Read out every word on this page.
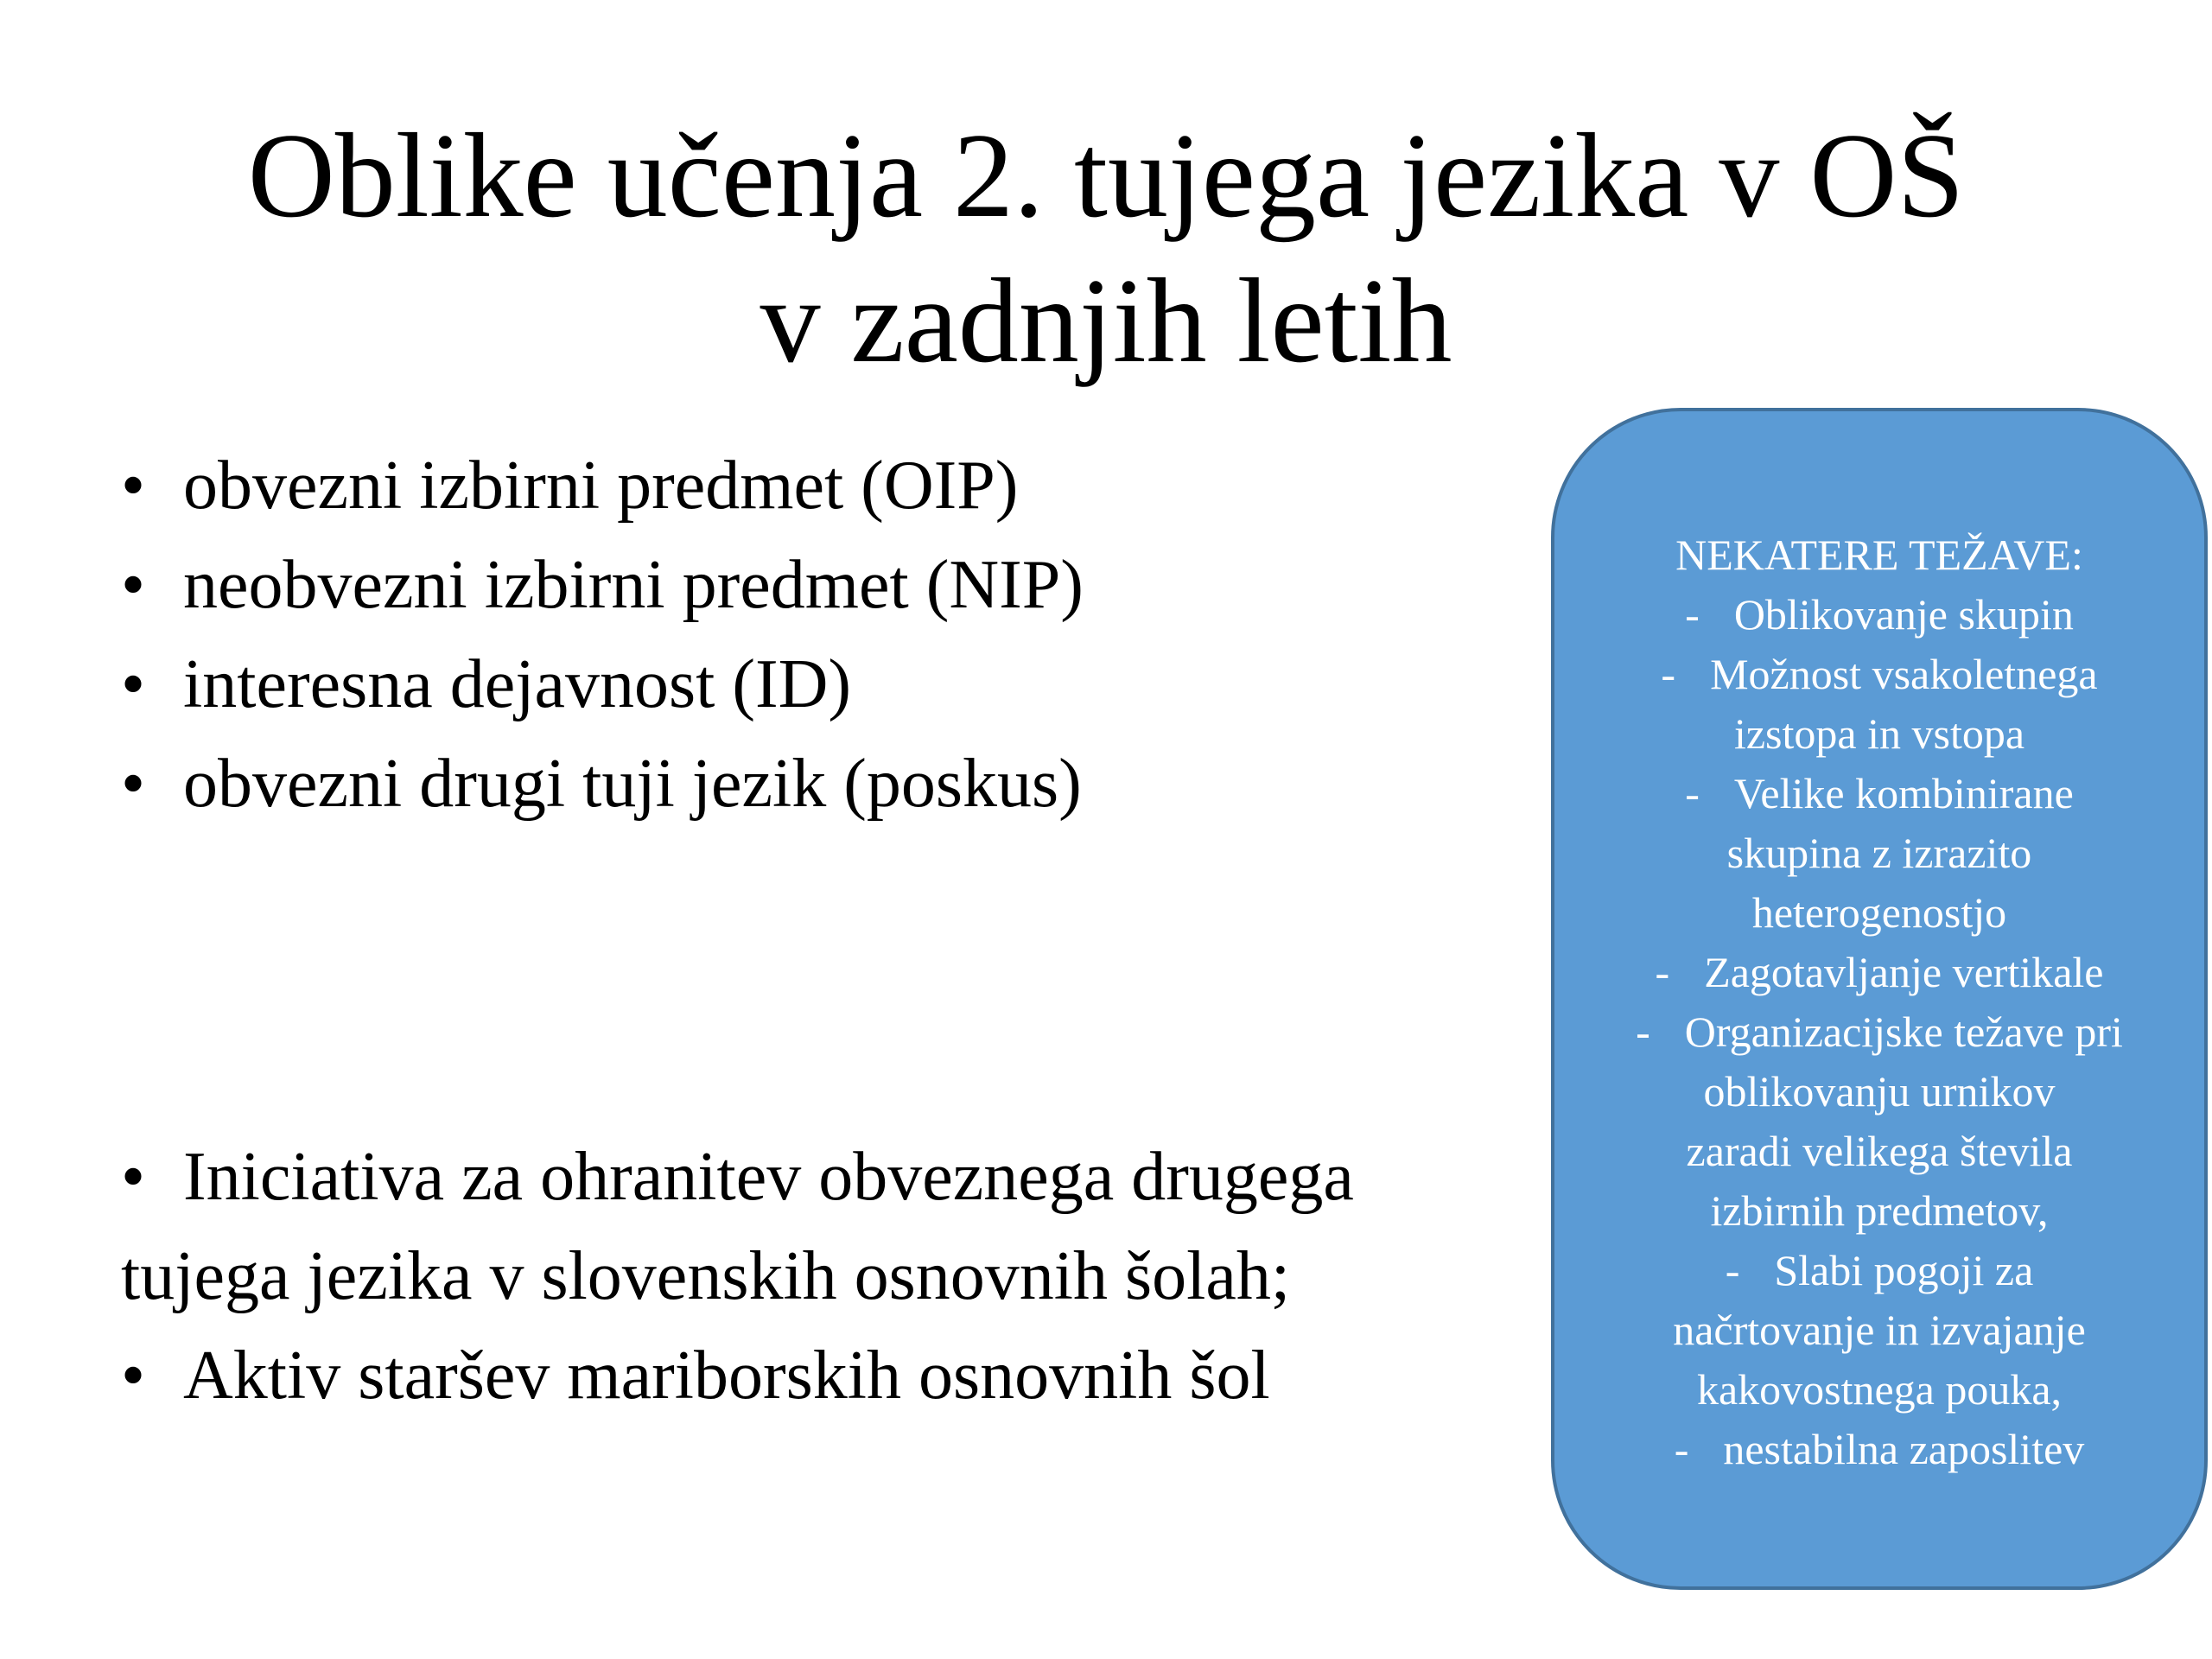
Oblike učenja 2. tujega jezika v OŠ
v zadnjih letih
• obvezni izbirni predmet (OIP)
• neobvezni izbirni predmet (NIP)
• interesna dejavnost (ID)
• obvezni drugi tuji jezik (poskus)
• Iniciativa za ohranitev obveznega drugega
tujega jezika v slovenskih osnovnih šolah;
• Aktiv staršev mariborskih osnovnih šol
NEKATERE TEŽAVE:
- Oblikovanje skupin
- Možnost vsakoletnega
izstopa in vstopa
- Velike kombinirane
skupina z izrazito
heterogenostjo
- Zagotavljanje vertikale
- Organizacijske težave pri
oblikovanju urnikov
zaradi velikega števila
izbirnih predmetov,
- Slabi pogoji za
načrtovanje in izvajanje
kakovostnega pouka,
- nestabilna zaposlitev
